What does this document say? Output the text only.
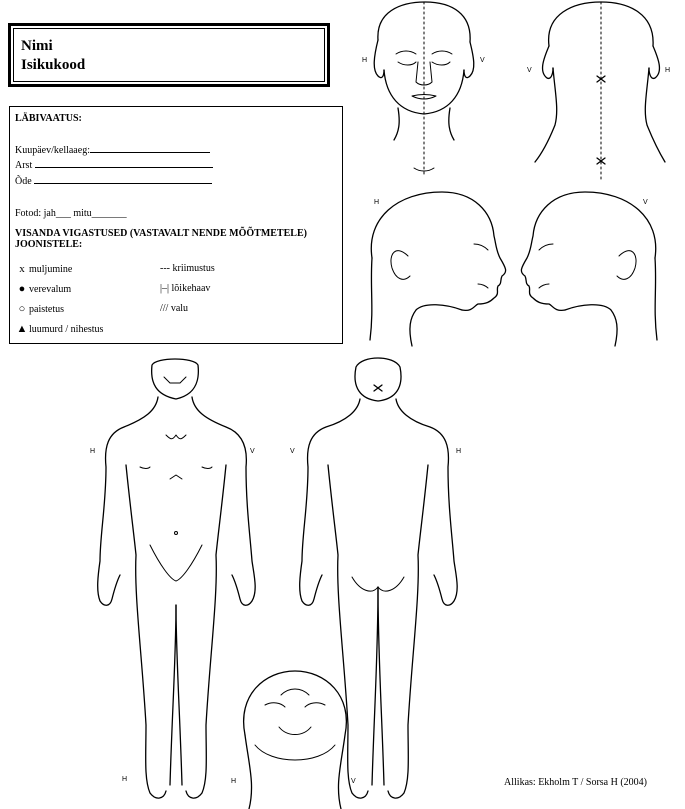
Nimi
Isikukood
LÄBIVAATUS:
Kuupäev/kellaaeg:
Arst
Õde
Fotod: jah___ mitu_______
VISANDA VIGASTUSED (VASTAVALT NENDE MÕÕTMETELE)
JOONISTELE:
x muljumine	--- kriimustus
● verevalum	|–| lõikehaav
○ paistetus	/// valu
▲ luumurd / nihestus
H	V
V	H
H	V
H	V
H
V	H
H	V	Allikas: Ekholm T / Sorsa H (2004)
